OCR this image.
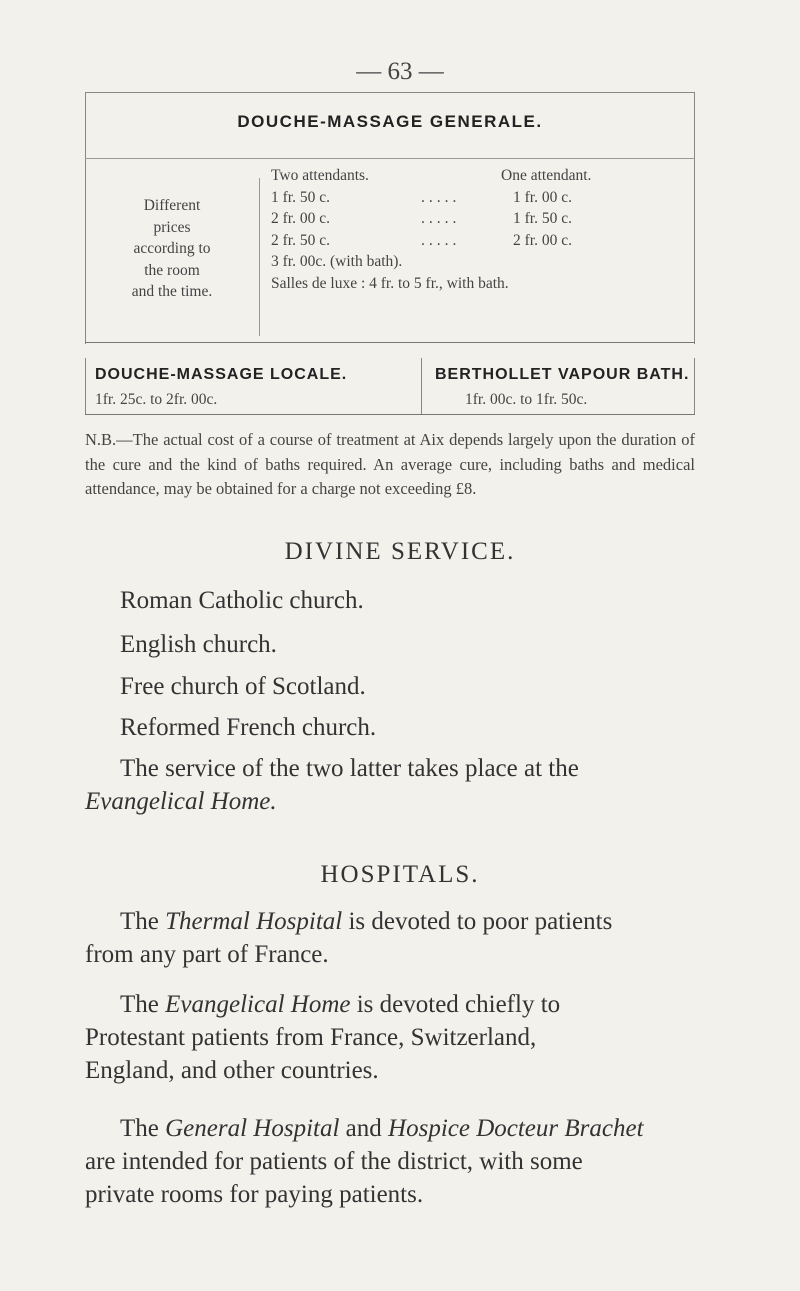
— 63 —
DOUCHE-MASSAGE GENERALE.
Different
prices
according to
the room
and the time.
Two attendants.	One attendant.
1 fr. 50 c.	.....	1 fr. 00 c.
2 fr. 00 c.	.....	1 fr. 50 c.
2 fr. 50 c.	.....	2 fr. 00 c.
3 fr. 00c. (with bath).
Salles de luxe : 4 fr. to 5 fr., with bath.
DOUCHE-MASSAGE LOCALE.
1fr. 25c. to 2fr. 00c.
BERTHOLLET VAPOUR BATH.
1fr. 00c. to 1fr. 50c.
N.B.—The actual cost of a course of treatment at Aix depends largely upon the duration of the cure and the kind of baths required. An average cure, including baths and medical attendance, may be obtained for a charge not exceeding £8.
DIVINE SERVICE.
Roman Catholic church.
English church.
Free church of Scotland.
Reformed French church.
The service of the two latter takes place at the
Evangelical Home.
HOSPITALS.
The Thermal Hospital is devoted to poor patients
from any part of France.
The Evangelical Home is devoted chiefly to
Protestant patients from France, Switzerland,
England, and other countries.
The General Hospital and Hospice Docteur Brachet
are intended for patients of the district, with some
private rooms for paying patients.
